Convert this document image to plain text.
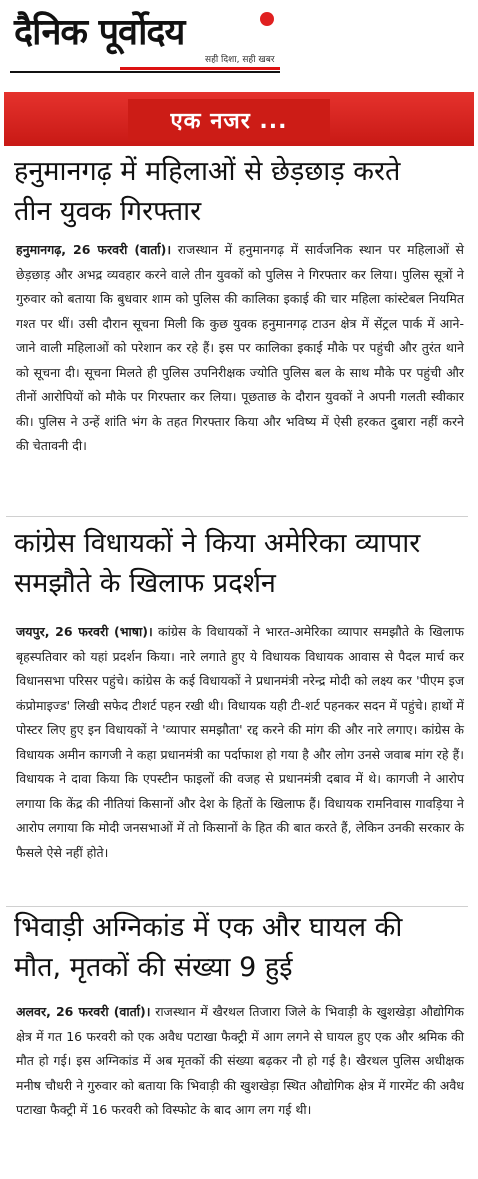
दैनिक पूर्वोदय
सही दिशा, सही खबर
एक नजर ...
हनुमानगढ़ में महिलाओं से छेड़छाड़ करते
तीन युवक गिरफ्तार
हनुमानगढ़, 26 फरवरी (वार्ता)। राजस्थान में हनुमानगढ़ में सार्वजनिक स्थान पर महिलाओं से छेड़छाड़ और अभद्र व्यवहार करने वाले तीन युवकों को पुलिस ने गिरफ्तार कर लिया। पुलिस सूत्रों ने गुरुवार को बताया कि बुधवार शाम को पुलिस की कालिका इकाई की चार महिला कांस्टेबल नियमित गश्त पर थीं। उसी दौरान सूचना मिली कि कुछ युवक हनुमानगढ़ टाउन क्षेत्र में सेंट्रल पार्क में आने-जाने वाली महिलाओं को परेशान कर रहे हैं। इस पर कालिका इकाई मौके पर पहुंची और तुरंत थाने को सूचना दी। सूचना मिलते ही पुलिस उपनिरीक्षक ज्योति पुलिस बल के साथ मौके पर पहुंची और तीनों आरोपियों को मौके पर गिरफ्तार कर लिया। पूछताछ के दौरान युवकों ने अपनी गलती स्वीकार की। पुलिस ने उन्हें शांति भंग के तहत गिरफ्तार किया और भविष्य में ऐसी हरकत दुबारा नहीं करने की चेतावनी दी।
कांग्रेस विधायकों ने किया अमेरिका व्यापार
समझौते के खिलाफ प्रदर्शन
जयपुर, 26 फरवरी (भाषा)। कांग्रेस के विधायकों ने भारत-अमेरिका व्यापार समझौते के खिलाफ बृहस्पतिवार को यहां प्रदर्शन किया। नारे लगाते हुए ये विधायक विधायक आवास से पैदल मार्च कर विधानसभा परिसर पहुंचे। कांग्रेस के कई विधायकों ने प्रधानमंत्री नरेन्द्र मोदी को लक्ष्य कर 'पीएम इज कंप्रोमाइज्ड' लिखी सफेद टीशर्ट पहन रखी थी। विधायक यही टी-शर्ट पहनकर सदन में पहुंचे। हाथों में पोस्टर लिए हुए इन विधायकों ने 'व्यापार समझौता' रद्द करने की मांग की और नारे लगाए। कांग्रेस के विधायक अमीन कागजी ने कहा प्रधानमंत्री का पर्दाफाश हो गया है और लोग उनसे जवाब मांग रहे हैं। विधायक ने दावा किया कि एपस्टीन फाइलों की वजह से प्रधानमंत्री दबाव में थे। कागजी ने आरोप लगाया कि केंद्र की नीतियां किसानों और देश के हितों के खिलाफ हैं। विधायक रामनिवास गावड़िया ने आरोप लगाया कि मोदी जनसभाओं में तो किसानों के हित की बात करते हैं, लेकिन उनकी सरकार के फैसले ऐसे नहीं होते।
भिवाड़ी अग्निकांड में एक और घायल की
मौत, मृतकों की संख्या 9 हुई
अलवर, 26 फरवरी (वार्ता)। राजस्थान में खैरथल तिजारा जिले के भिवाड़ी के खुशखेड़ा औद्योगिक क्षेत्र में गत 16 फरवरी को एक अवैध पटाखा फैक्ट्री में आग लगने से घायल हुए एक और श्रमिक की मौत हो गई। इस अग्निकांड में अब मृतकों की संख्या बढ़कर नौ हो गई है। खैरथल पुलिस अधीक्षक मनीष चौधरी ने गुरुवार को बताया कि भिवाड़ी की खुशखेड़ा स्थित औद्योगिक क्षेत्र में गारमेंट की अवैध पटाखा फैक्ट्री में 16 फरवरी को विस्फोट के बाद आग लग गई थी।
